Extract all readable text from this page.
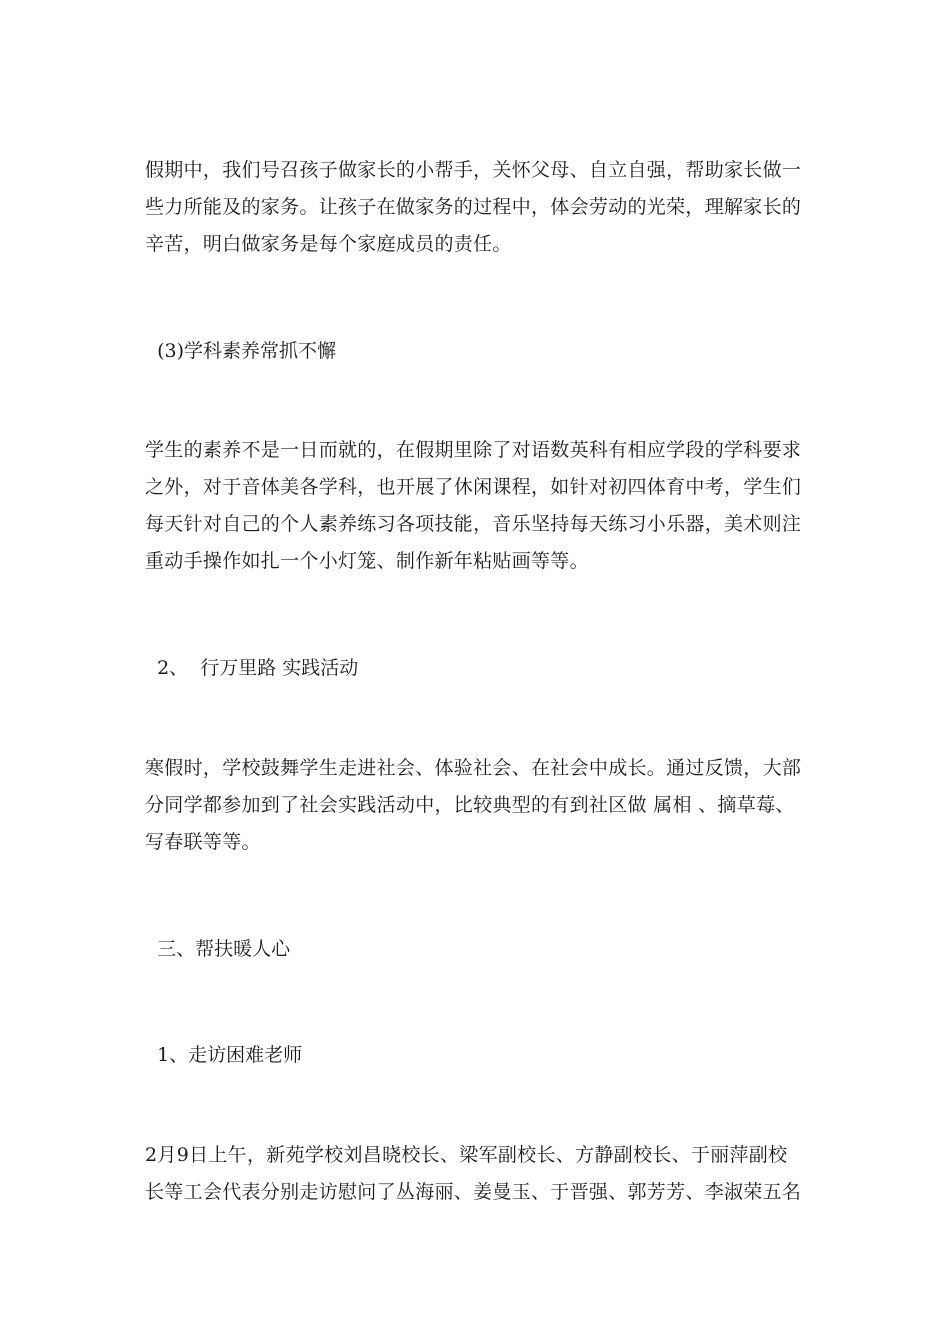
假期中，我们号召孩子做家长的小帮手，关怀父母、自立自强，帮助家长做一
些力所能及的家务。让孩子在做家务的过程中，体会劳动的光荣，理解家长的
辛苦，明白做家务是每个家庭成员的责任。

(3)学科素养常抓不懈

学生的素养不是一日而就的，在假期里除了对语数英科有相应学段的学科要求
之外，对于音体美各学科，也开展了休闲课程，如针对初四体育中考，学生们
每天针对自己的个人素养练习各项技能，音乐坚持每天练习小乐器，美术则注
重动手操作如扎一个小灯笼、制作新年粘贴画等等。

2、  行万里路 实践活动

寒假时，学校鼓舞学生走进社会、体验社会、在社会中成长。通过反馈，大部
分同学都参加到了社会实践活动中，比较典型的有到社区做 属相 、摘草莓、
写春联等等。

三、帮扶暖人心

1、走访困难老师

2月9日上午，新苑学校刘昌晓校长、梁军副校长、方静副校长、于丽萍副校
长等工会代表分别走访慰问了丛海丽、姜曼玉、于晋强、郭芳芳、李淑荣五名
